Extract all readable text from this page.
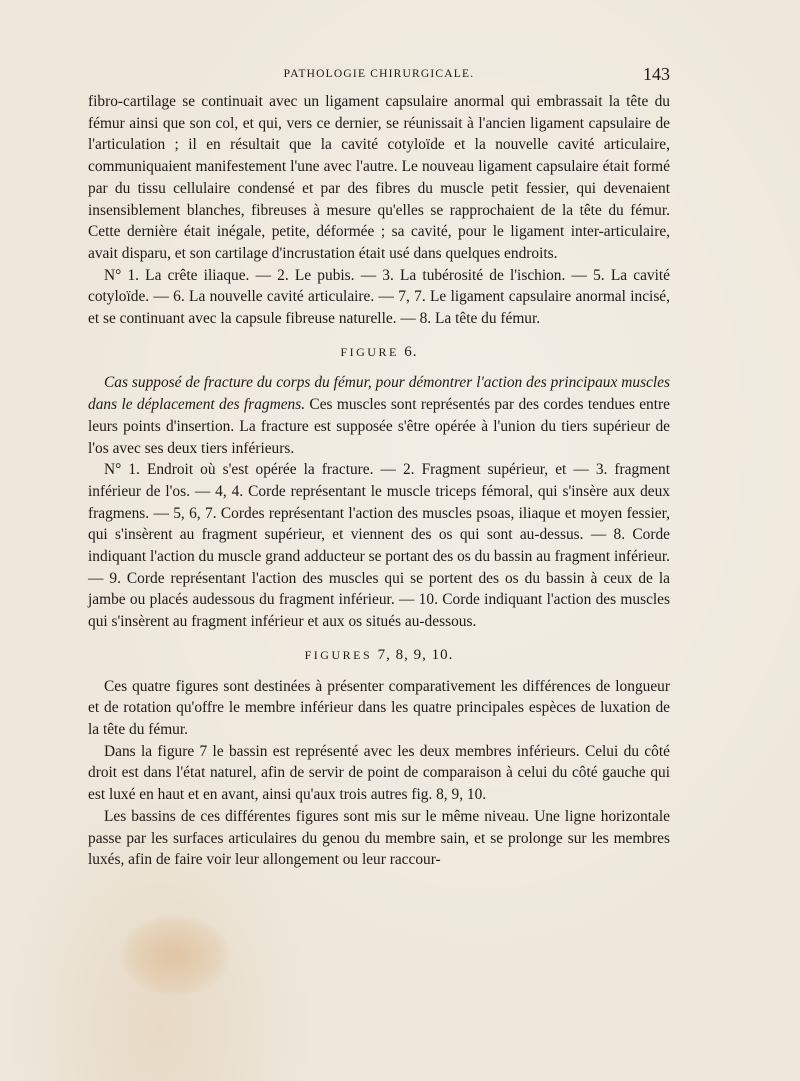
PATHOLOGIE CHIRURGICALE.	143

fibro-cartilage se continuait avec un ligament capsulaire anormal qui embrassait la tête du fémur ainsi que son col, et qui, vers ce dernier, se réunissait à l'ancien ligament capsulaire de l'articulation ; il en résultait que la cavité cotyloïde et la nouvelle cavité articulaire, communiquaient manifestement l'une avec l'autre. Le nouveau ligament capsulaire était formé par du tissu cellulaire condensé et par des fibres du muscle petit fessier, qui devenaient insensiblement blanches, fibreuses à mesure qu'elles se rapprochaient de la tête du fémur. Cette dernière était inégale, petite, déformée ; sa cavité, pour le ligament inter-articulaire, avait disparu, et son cartilage d'incrustation était usé dans quelques endroits.

N° 1. La crête iliaque. — 2. Le pubis. — 3. La tubérosité de l'ischion. — 5. La cavité cotyloïde. — 6. La nouvelle cavité articulaire. — 7, 7. Le ligament capsulaire anormal incisé, et se continuant avec la capsule fibreuse naturelle. — 8. La tête du fémur.

FIGURE 6.

Cas supposé de fracture du corps du fémur, pour démontrer l'action des principaux muscles dans le déplacement des fragmens. Ces muscles sont représentés par des cordes tendues entre leurs points d'insertion. La fracture est supposée s'être opérée à l'union du tiers supérieur de l'os avec ses deux tiers inférieurs.

N° 1. Endroit où s'est opérée la fracture. — 2. Fragment supérieur, et — 3. fragment inférieur de l'os. — 4, 4. Corde représentant le muscle triceps fémoral, qui s'insère aux deux fragmens. — 5, 6, 7. Cordes représentant l'action des muscles psoas, iliaque et moyen fessier, qui s'insèrent au fragment supérieur, et viennent des os qui sont au-dessus. — 8. Corde indiquant l'action du muscle grand adducteur se portant des os du bassin au fragment inférieur. — 9. Corde représentant l'action des muscles qui se portent des os du bassin à ceux de la jambe ou placés audessous du fragment inférieur. — 10. Corde indiquant l'action des muscles qui s'insèrent au fragment inférieur et aux os situés au-dessous.

FIGURES 7, 8, 9, 10.

Ces quatre figures sont destinées à présenter comparativement les différences de longueur et de rotation qu'offre le membre inférieur dans les quatre principales espèces de luxation de la tête du fémur.

Dans la figure 7 le bassin est représenté avec les deux membres inférieurs. Celui du côté droit est dans l'état naturel, afin de servir de point de comparaison à celui du côté gauche qui est luxé en haut et en avant, ainsi qu'aux trois autres fig. 8, 9, 10.

Les bassins de ces différentes figures sont mis sur le même niveau. Une ligne horizontale passe par les surfaces articulaires du genou du membre sain, et se prolonge sur les membres luxés, afin de faire voir leur allongement ou leur raccour-
